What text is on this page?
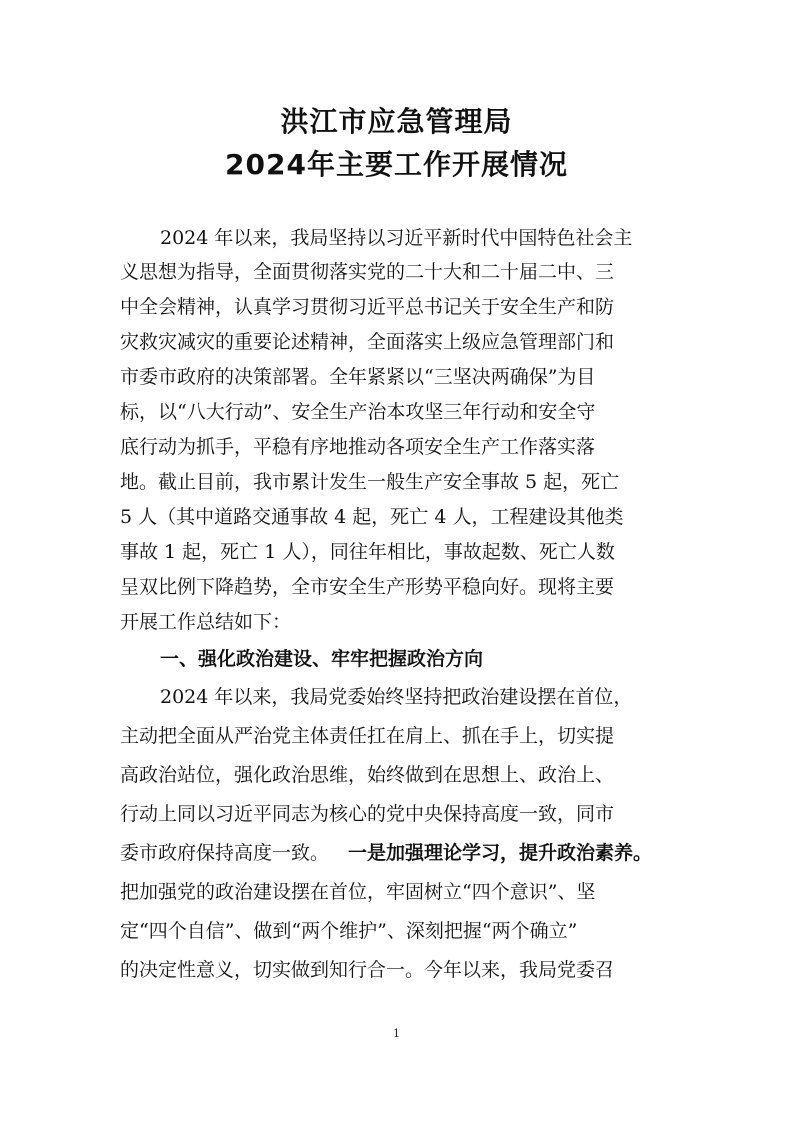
洪江市应急管理局
2024年主要工作开展情况
2024 年以来，我局坚持以习近平新时代中国特色社会主
义思想为指导，全面贯彻落实党的二十大和二十届二中、三
中全会精神，认真学习贯彻习近平总书记关于安全生产和防
灾救灾减灾的重要论述精神，全面落实上级应急管理部门和
市委市政府的决策部署。全年紧紧以“三坚决两确保”为目
标，以“八大行动”、安全生产治本攻坚三年行动和安全守
底行动为抓手，平稳有序地推动各项安全生产工作落实落
地。截止目前，我市累计发生一般生产安全事故 5 起，死亡
5 人（其中道路交通事故 4 起，死亡 4 人，工程建设其他类
事故 1 起，死亡 1 人），同往年相比，事故起数、死亡人数
呈双比例下降趋势，全市安全生产形势平稳向好。现将主要
开展工作总结如下：
一、强化政治建设、牢牢把握政治方向
2024 年以来，我局党委始终坚持把政治建设摆在首位，
主动把全面从严治党主体责任扛在肩上、抓在手上，切实提
高政治站位，强化政治思维，始终做到在思想上、政治上、
行动上同以习近平同志为核心的党中央保持高度一致，同市
委市政府保持高度一致。 一是加强理论学习，提升政治素养。
把加强党的政治建设摆在首位，牢固树立“四个意识”、坚
定“四个自信”、做到“两个维护”、深刻把握“两个确立”
的决定性意义，切实做到知行合一。今年以来，我局党委召
1
